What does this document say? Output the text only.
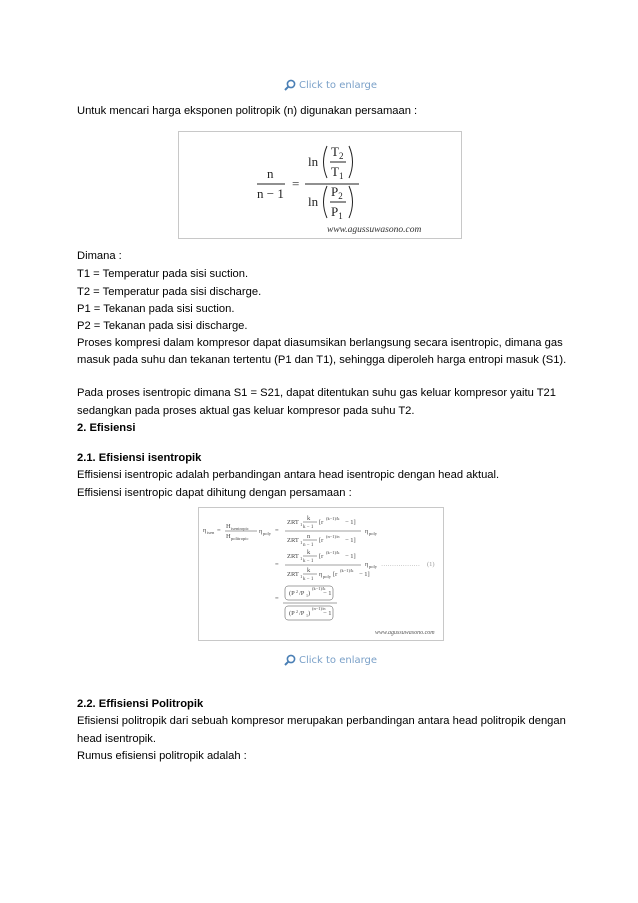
Click to enlarge
Untuk mencari harga eksponen politropik (n) digunakan persamaan :
n
n − 1
=
ln
$T_2$
$T_1$
ln
$P_2$
$P_1$
www.agussuwasono.com
Dimana :
T1 = Temperatur pada sisi suction.
T2 = Temperatur pada sisi discharge.
P1 = Tekanan pada sisi suction.
P2 = Tekanan pada sisi discharge.
Proses kompresi dalam kompresor dapat diasumsikan berlangsung secara isentropic, dimana gas
masuk pada suhu dan tekanan tertentu (P1 dan T1), sehingga diperoleh harga entropi masuk (S1).
Pada proses isentropic dimana S1 = S21, dapat ditentukan suhu gas keluar kompresor yaitu T21
sedangkan pada proses aktual gas keluar kompresor pada suhu T2.
2. Efisiensi
2.1. Efisiensi isentropik
Effisiensi isentropic adalah perbandingan antara head isentropic dengan head aktual.
Effisiensi isentropic dapat dihitung dengan persamaan :
η isen =
H isentropic
H politropic
η poly =
ZRT 1
k
k − 1
[r
(k−1)/k
− 1]
ZRT 1
n
n − 1
[r
(n−1)/n
− 1]
η poly
=
ZRT 1
k
k − 1
[r
(k−1)/k
− 1]
ZRT 1
k
k − 1
η poly [r
(k−1)/k
− 1]
η poly ……………… (1)
=
(P 2 /P 1 )
(k−1)/k
− 1
(P 2 /P 1 )
(n−1)/n
− 1
www.agussuwasono.com
Click to enlarge
2.2. Effisiensi Politropik
Efisiensi politropik dari sebuah kompresor merupakan perbandingan antara head politropik dengan
head isentropik.
Rumus efisiensi politropik adalah :
